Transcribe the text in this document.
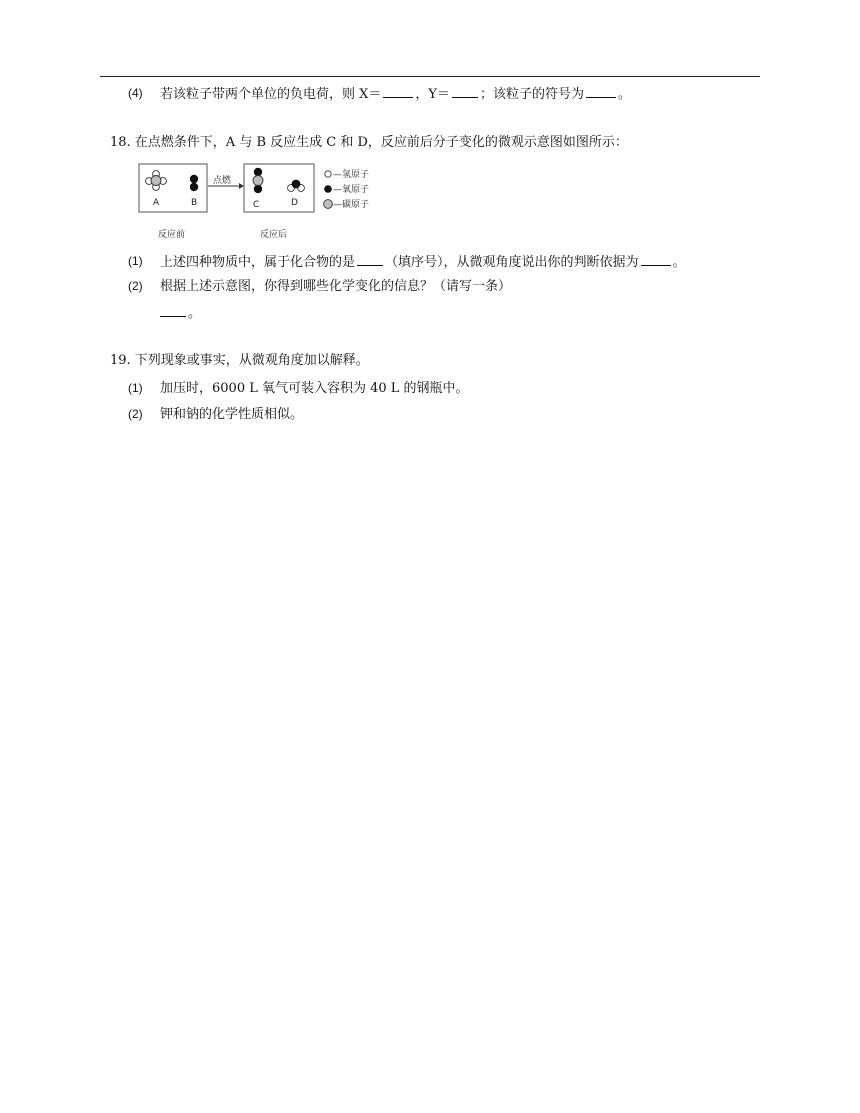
(4) 若该粒子带两个单位的负电荷，则 X＝	，Y＝ ；该粒子的符号为	。
18. 在点燃条件下，A 与 B 反应生成 C 和 D，反应前后分子变化的微观示意图如图所示：
A	B
点燃
C	D
—氢原子
—氧原子
—碳原子
反应前	反应后
(1) 上述四种物质中，属于化合物的是 （填序号），从微观角度说出你的判断依据为	。
(2) 根据上述示意图，你得到哪些化学变化的信息？（请写一条）
。
19. 下列现象或事实，从微观角度加以解释。
(1) 加压时，6000 L 氧气可装入容积为 40 L 的钢瓶中。
(2) 钾和钠的化学性质相似。
